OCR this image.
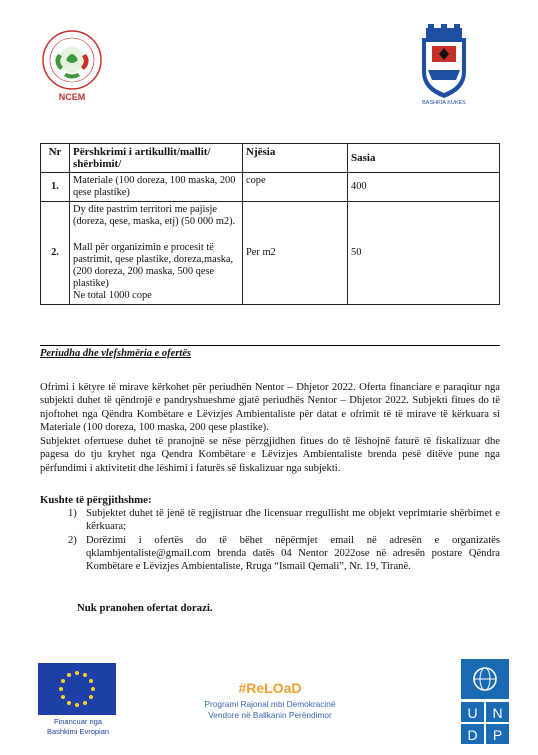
NCEM
BASHKIA KUKES
Nr	Përshkrimi i artikullit/mallit/ shërbimit/	Njësia	Sasia
1.	Materiale (100 doreza, 100 maska, 200 qese plastike)	cope	400
2.	Dy dite pastrim territori me pajisje (doreza, qese, maska, etj) (50 000 m2).
Mall për organizimin e procesit të pastrimit, qese plastike, doreza,maska, (200 doreza, 200 maska, 500 qese plastike)
Ne total 1000 cope	Per m2	50
Periudha dhe vlefshmëria e ofertës

Ofrimi i këtyre të mirave kërkohet për periudhën Nentor – Dhjetor 2022. Oferta financiare e paraqitur nga subjekti duhet të qëndrojë e pandryshueshme gjatë periudhës Nentor – Dhjetor 2022. Subjekti fitues do të njoftohet nga Qëndra Kombëtare e Lëvizjes Ambientaliste për datat e ofrimit të të mirave të kërkuara si Materiale (100 doreza, 100 maska, 200 qese plastike).

Subjektet ofertuese duhet të pranojnë se nëse përzgjidhen fitues do të lëshojnë faturë të fiskalizuar dhe pagesa do tju kryhet nga Qendra Kombëtare e Lëvizjes Ambientaliste brenda pesë ditëve pune nga përfundimi i aktivitetit dhe lëshimi i faturës së fiskalizuar nga subjekti.

Kushte të përgjithshme:
1) Subjektet duhet të jenë të regjistruar dhe licensuar rregullisht me objekt veprimtarie shërbimet e kërkuara;
2) Dorëzimi i ofertës do të bëhet nëpërmjet email në adresën e organizatës qklambjentaliste@gmail.com brenda datës 04 Nentor 2022ose në adresën postare Qëndra Kombëtare e Lëvizjes Ambientaliste, Rruga “Ismail Qemali”, Nr. 19, Tiranë.
Nuk pranohen ofertat dorazi.
Financuar nga
Bashkimi Evropian
#ReLOaD
Programi Rajonal mbi Demokracinë
Vendore në Ballkanin Perëndimor	U N
D P
